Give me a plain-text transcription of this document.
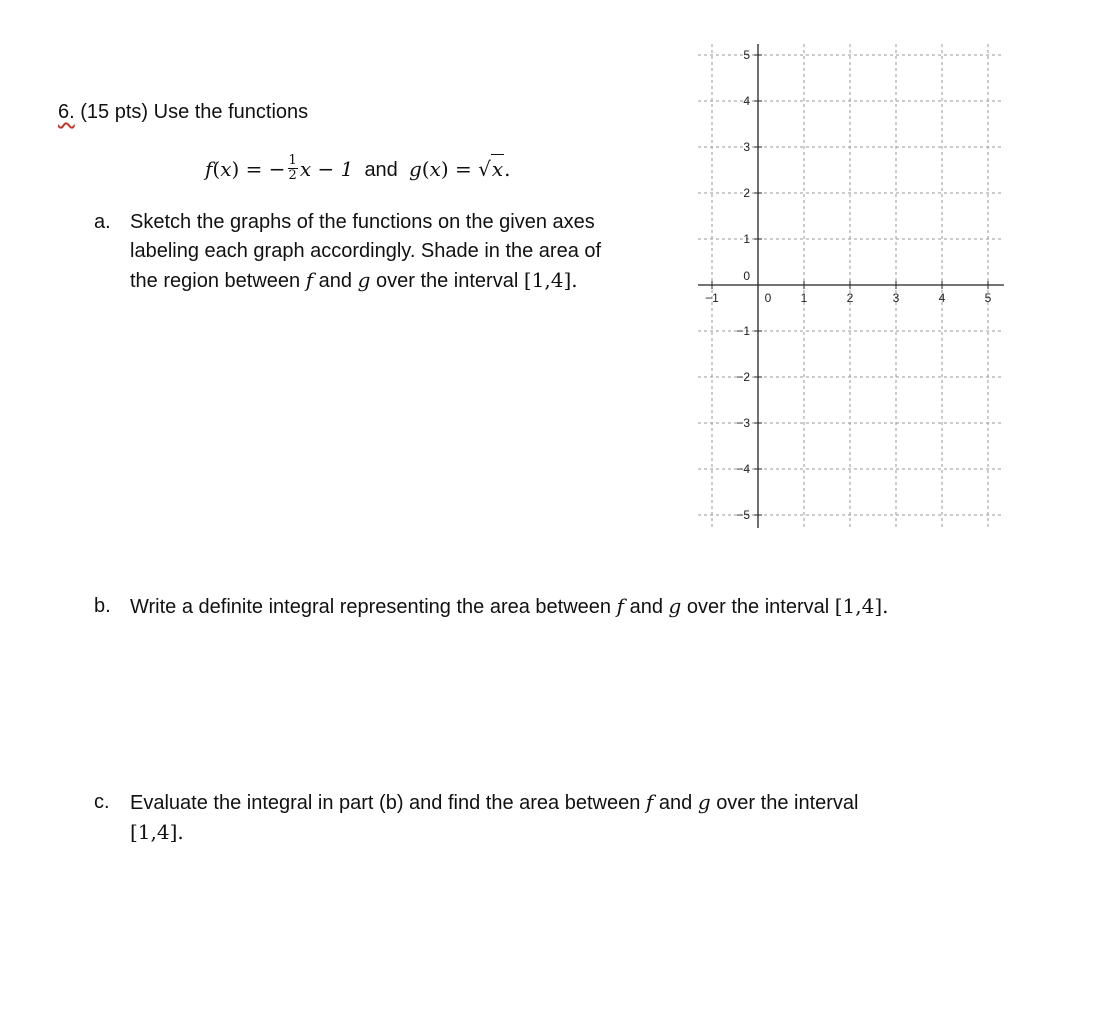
6. (15 pts) Use the functions
f(x) = − $\frac{1}{2}$ x − 1 and g(x) = √x.
a. Sketch the graphs of the functions on the given axes
labeling each graph accordingly. Shade in the area of
the region between f and g over the interval [1,4].
−1	0 1	2	3	4	5
5
4
3
2
1
0
−1
−2
−3
−4
−5
b. Write a definite integral representing the area between f and g over the interval [1,4].
c. Evaluate the integral in part (b) and find the area between f and g over the interval
[1,4].
